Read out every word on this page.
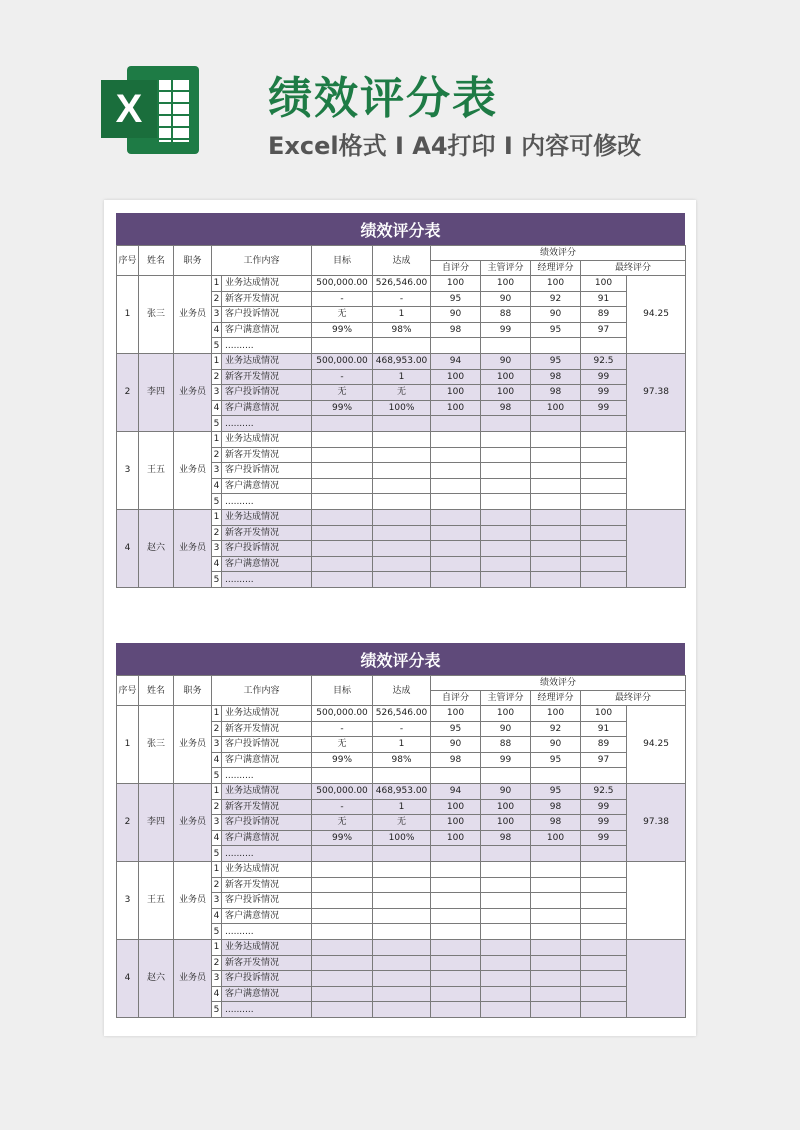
X	绩效评分表
Excel格式 I A4打印 I 内容可修改
绩效评分表
序号	姓名	职务	工作内容		目标	达成	绩效评分				
							自评分	主管评分	经理评分	最终评分	
1	张三	业务员	1	业务达成情况	500,000.00	526,546.00	100	100	100	100	94.25
			2	新客开发情况	-	-	95	90	92	91	
			3	客户投诉情况	无	1	90	88	90	89	
			4	客户满意情况	99%	98%	98	99	95	97	
			5	..........							
2	李四	业务员	1	业务达成情况	500,000.00	468,953.00	94	90	95	92.5	97.38
			2	新客开发情况	-	1	100	100	98	99	
			3	客户投诉情况	无	无	100	100	98	99	
			4	客户满意情况	99%	100%	100	98	100	99	
			5	..........							
3	王五	业务员	1	业务达成情况							
			2	新客开发情况							
			3	客户投诉情况							
			4	客户满意情况							
			5	..........							
4	赵六	业务员	1	业务达成情况							
			2	新客开发情况							
			3	客户投诉情况							
			4	客户满意情况							
			5	..........							
绩效评分表
序号	姓名	职务	工作内容		目标	达成	绩效评分				
							自评分	主管评分	经理评分	最终评分	
1	张三	业务员	1	业务达成情况	500,000.00	526,546.00	100	100	100	100	94.25
			2	新客开发情况	-	-	95	90	92	91	
			3	客户投诉情况	无	1	90	88	90	89	
			4	客户满意情况	99%	98%	98	99	95	97	
			5	..........							
2	李四	业务员	1	业务达成情况	500,000.00	468,953.00	94	90	95	92.5	97.38
			2	新客开发情况	-	1	100	100	98	99	
			3	客户投诉情况	无	无	100	100	98	99	
			4	客户满意情况	99%	100%	100	98	100	99	
			5	..........							
3	王五	业务员	1	业务达成情况							
			2	新客开发情况							
			3	客户投诉情况							
			4	客户满意情况							
			5	..........							
4	赵六	业务员	1	业务达成情况							
			2	新客开发情况							
			3	客户投诉情况							
			4	客户满意情况							
			5	..........							
